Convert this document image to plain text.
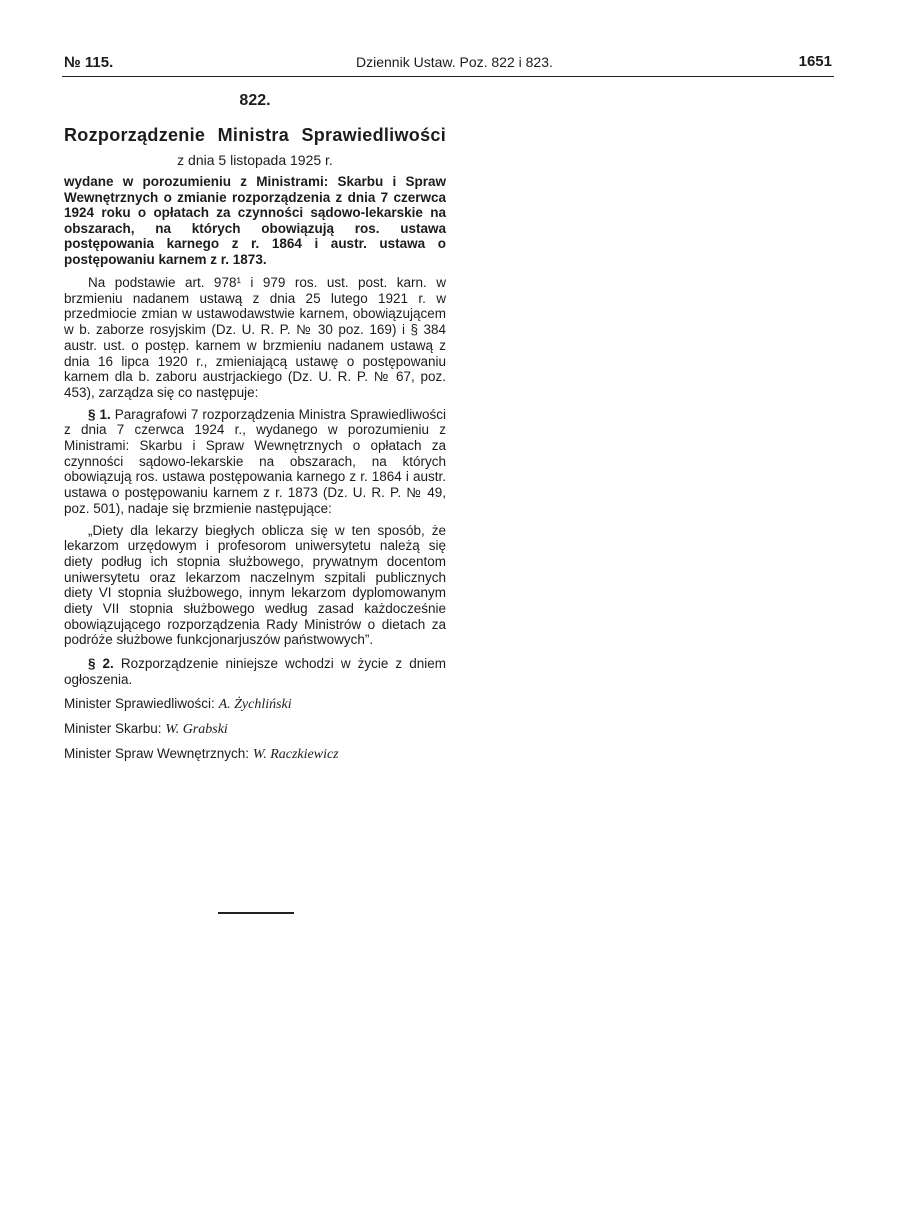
№ 115.	Dziennik Ustaw. Poz. 822 i 823.	1651
822.
Rozporządzenie Ministra Sprawiedliwości
z dnia 5 listopada 1925 r.
wydane w porozumieniu z Ministrami: Skarbu i Spraw Wewnętrznych o zmianie rozporządzenia z dnia 7 czerwca 1924 roku o opłatach za czynności sądowo-lekarskie na obszarach, na których obowiązują ros. ustawa postępowania karnego z r. 1864 i austr. ustawa o postępowaniu karnem z r. 1873.

Na podstawie art. 978¹ i 979 ros. ust. post. karn. w brzmieniu nadanem ustawą z dnia 25 lutego 1921 r. w przedmiocie zmian w ustawodawstwie karnem, obowiązującem w b. zaborze rosyjskim (Dz. U. R. P. № 30 poz. 169) i § 384 austr. ust. o postęp. karnem w brzmieniu nadanem ustawą z dnia 16 lipca 1920 r., zmieniającą ustawę o postępowaniu karnem dla b. zaboru austrjackiego (Dz. U. R. P. № 67, poz. 453), zarządza się co następuje:

§ 1. Paragrafowi 7 rozporządzenia Ministra Sprawiedliwości z dnia 7 czerwca 1924 r., wydanego w porozumieniu z Ministrami: Skarbu i Spraw Wewnętrznych o opłatach za czynności sądowo-lekarskie na obszarach, na których obowiązują ros. ustawa postępowania karnego z r. 1864 i austr. ustawa o postępowaniu karnem z r. 1873 (Dz. U. R. P. № 49, poz. 501), nadaje się brzmienie następujące:

„Diety dla lekarzy biegłych oblicza się w ten sposób, że lekarzom urzędowym i profesorom uniwersytetu należą się diety podług ich stopnia służbowego, prywatnym docentom uniwersytetu oraz lekarzom naczelnym szpitali publicznych diety VI stopnia służbowego, innym lekarzom dyplomowanym diety VII stopnia służbowego według zasad każdocześnie obowiązującego rozporządzenia Rady Ministrów o dietach za podróże służbowe funkcjonarjuszów państwowych”.

§ 2. Rozporządzenie niniejsze wchodzi w życie z dniem ogłoszenia.

Minister Sprawiedliwości: A. Żychliński
Minister Skarbu: W. Grabski
Minister Spraw Wewnętrznych: W. Raczkiewicz
